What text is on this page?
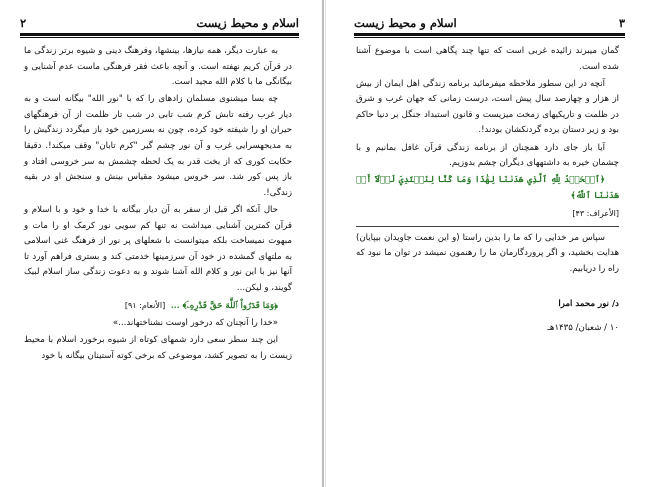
اسلام و محیط زیست
۲

به عبارت دیگر، همه نیازها، بینشها، وفرهنگ دینی و شیوه برتر زندگی ما در قرآن کریم نهفته است. و آنچه باعث فقر فرهنگی ماست عدم آشنایی و بیگانگی ما با کلام الله مجید است.

چه بسا میشنوی مسلمان زادهای را که با "نور الله" بیگانه است و به دیار غرب رفته تابش کرم شب تابی در شب تار ظلمت از آن فرهنگهای حیران او را شیفته خود کرده، چون نه بسرزمین خود باز میگردد زندگیش را به مدیحهسرایی غرب و آن نور چشم گیر "کرم تابان" وقف میکند!. دقیقا حکایت کوری که از بخت قدر به یک لحظه چشمش به سر خروسی افتاد و باز پس کور شد. سر خروس میشود مقیاس بینش و سنجش او در بقیه زندگی!.

حال آنکه اگر قبل از سفر به آن دیار بیگانه با خدا و خود و با اسلام و قرآن کمترین آشنایی میداشت نه تنها کم سویی نور کرمک او را مات و مبهوت نمیساخت بلکه میتوانست با شعلهای پر نور از فرهنگ غنی اسلامی به ملتهای گمشده در خود آن سرزمینها خدمتی کند و بستری فراهم آورد تا آنها نیز با این نور و کلام الله آشنا شوند و به دعوت زندگی ساز اسلام لبیک گویند، و لیکن...

﴿وَمَا قَدَرُواْ ٱللَّهَ حَقَّ قَدْرِهِۦٓ﴾ ...  [الأنعام: ۹۱]

«خدا را آنچنان که درخور اوست نشناختهاند...»

این چند سطر سعی دارد شمهای کوتاه از شیوه برخورد اسلام با محیط زیست را به تصویر کشد، موضوعی که برخی کوته آستینان بیگانه با خود

۳
اسلام و محیط زیست

گمان میبرند زائیده غربی است که تنها چند پگاهی است با موضوع آشنا شده است.

آنچه در این سطور ملاحظه میفرمائید برنامه زندگی اهل ایمان از بیش از هزار و چهارصد سال پیش است، درست زمانی که جهان غرب و شرق در ظلمت و تاریکیهای زمخت میزیست و قانون استبداد جنگل بر دنیا حاکم بود و زیر دستان برده گردنکشان بودند!.

آیا باز جای دارد همچنان از برنامه زندگی قرآن غافل بمانیم و با چشمان خیره به داشتههای دیگران چشم بدوزیم.

﴿ٱلۡحَمۡدُ لِلَّهِ ٱلَّذِي هَدَىٰنَا لِهَٰذَا وَمَا كُنَّا لِنَهۡتَدِيَ لَوۡلَآ أَنۡ هَدَىٰنَا ٱللَّهُ﴾

[الأعراف: ۴۳]

سپاس مر خدایی را که ما را بدین راستا (و این نعمت جاویدان بیپایان) هدایت بخشید، و اگر پروردگارمان ما را رهنمون نمیشد در توان ما نبود که راه را دریابیم.

د/ نور محمد امرا

۱۰ / شعبان/ ۱۴۳۵هـ
